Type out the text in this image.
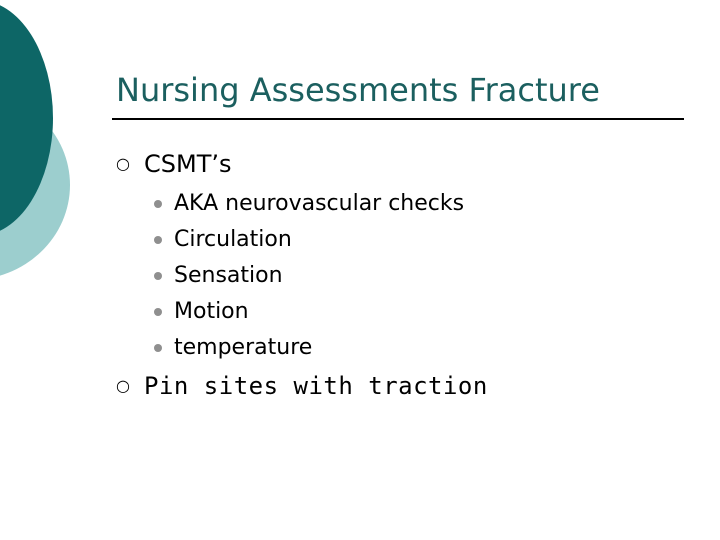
Nursing Assessments Fracture
○ CSMT’s
AKA neurovascular checks
Circulation
Sensation
Motion
temperature
○ Pin sites with traction
